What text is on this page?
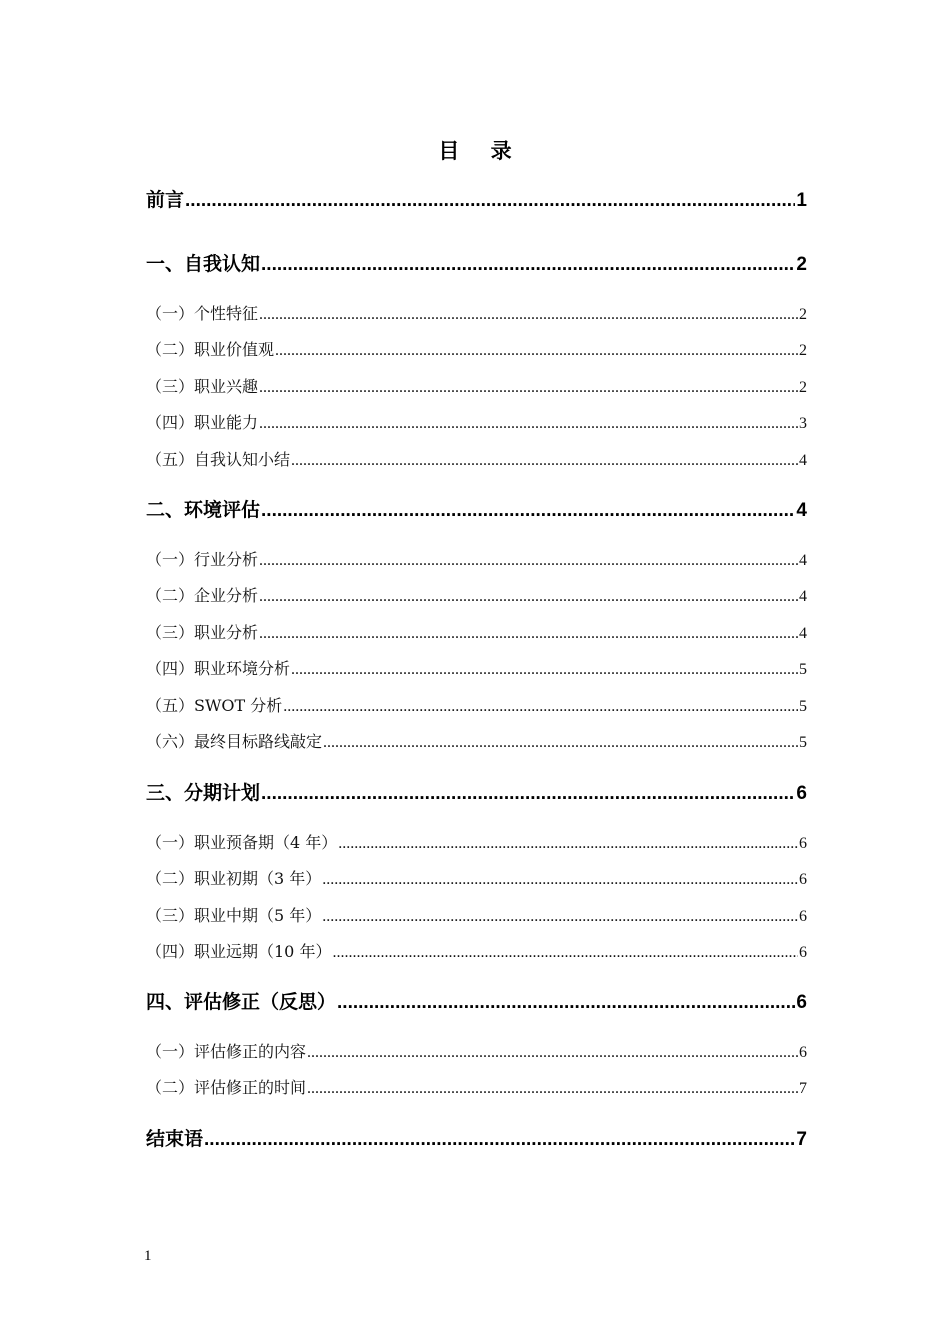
目 录
前言 .....	1
一、自我认知 .....	2
（一）个性特征 .....	2
（二）职业价值观 .....	2
（三）职业兴趣 .....	2
（四）职业能力 .....	3
（五）自我认知小结 .....	4
二、环境评估 .....	4
（一）行业分析 .....	4
（二）企业分析 .....	4
（三）职业分析 .....	4
（四）职业环境分析 .....	5
（五）SWOT 分析 .....	5
（六）最终目标路线敲定 .....	5
三、分期计划 .....	6
（一）职业预备期（4 年） .....	6
（二）职业初期（3 年） .....	6
（三）职业中期（5 年） .....	6
（四）职业远期（10 年） .....	6
四、评估修正（反思） .....	6
（一）评估修正的内容 .....	6
（二）评估修正的时间 .....	7
结束语 .....	7
1
